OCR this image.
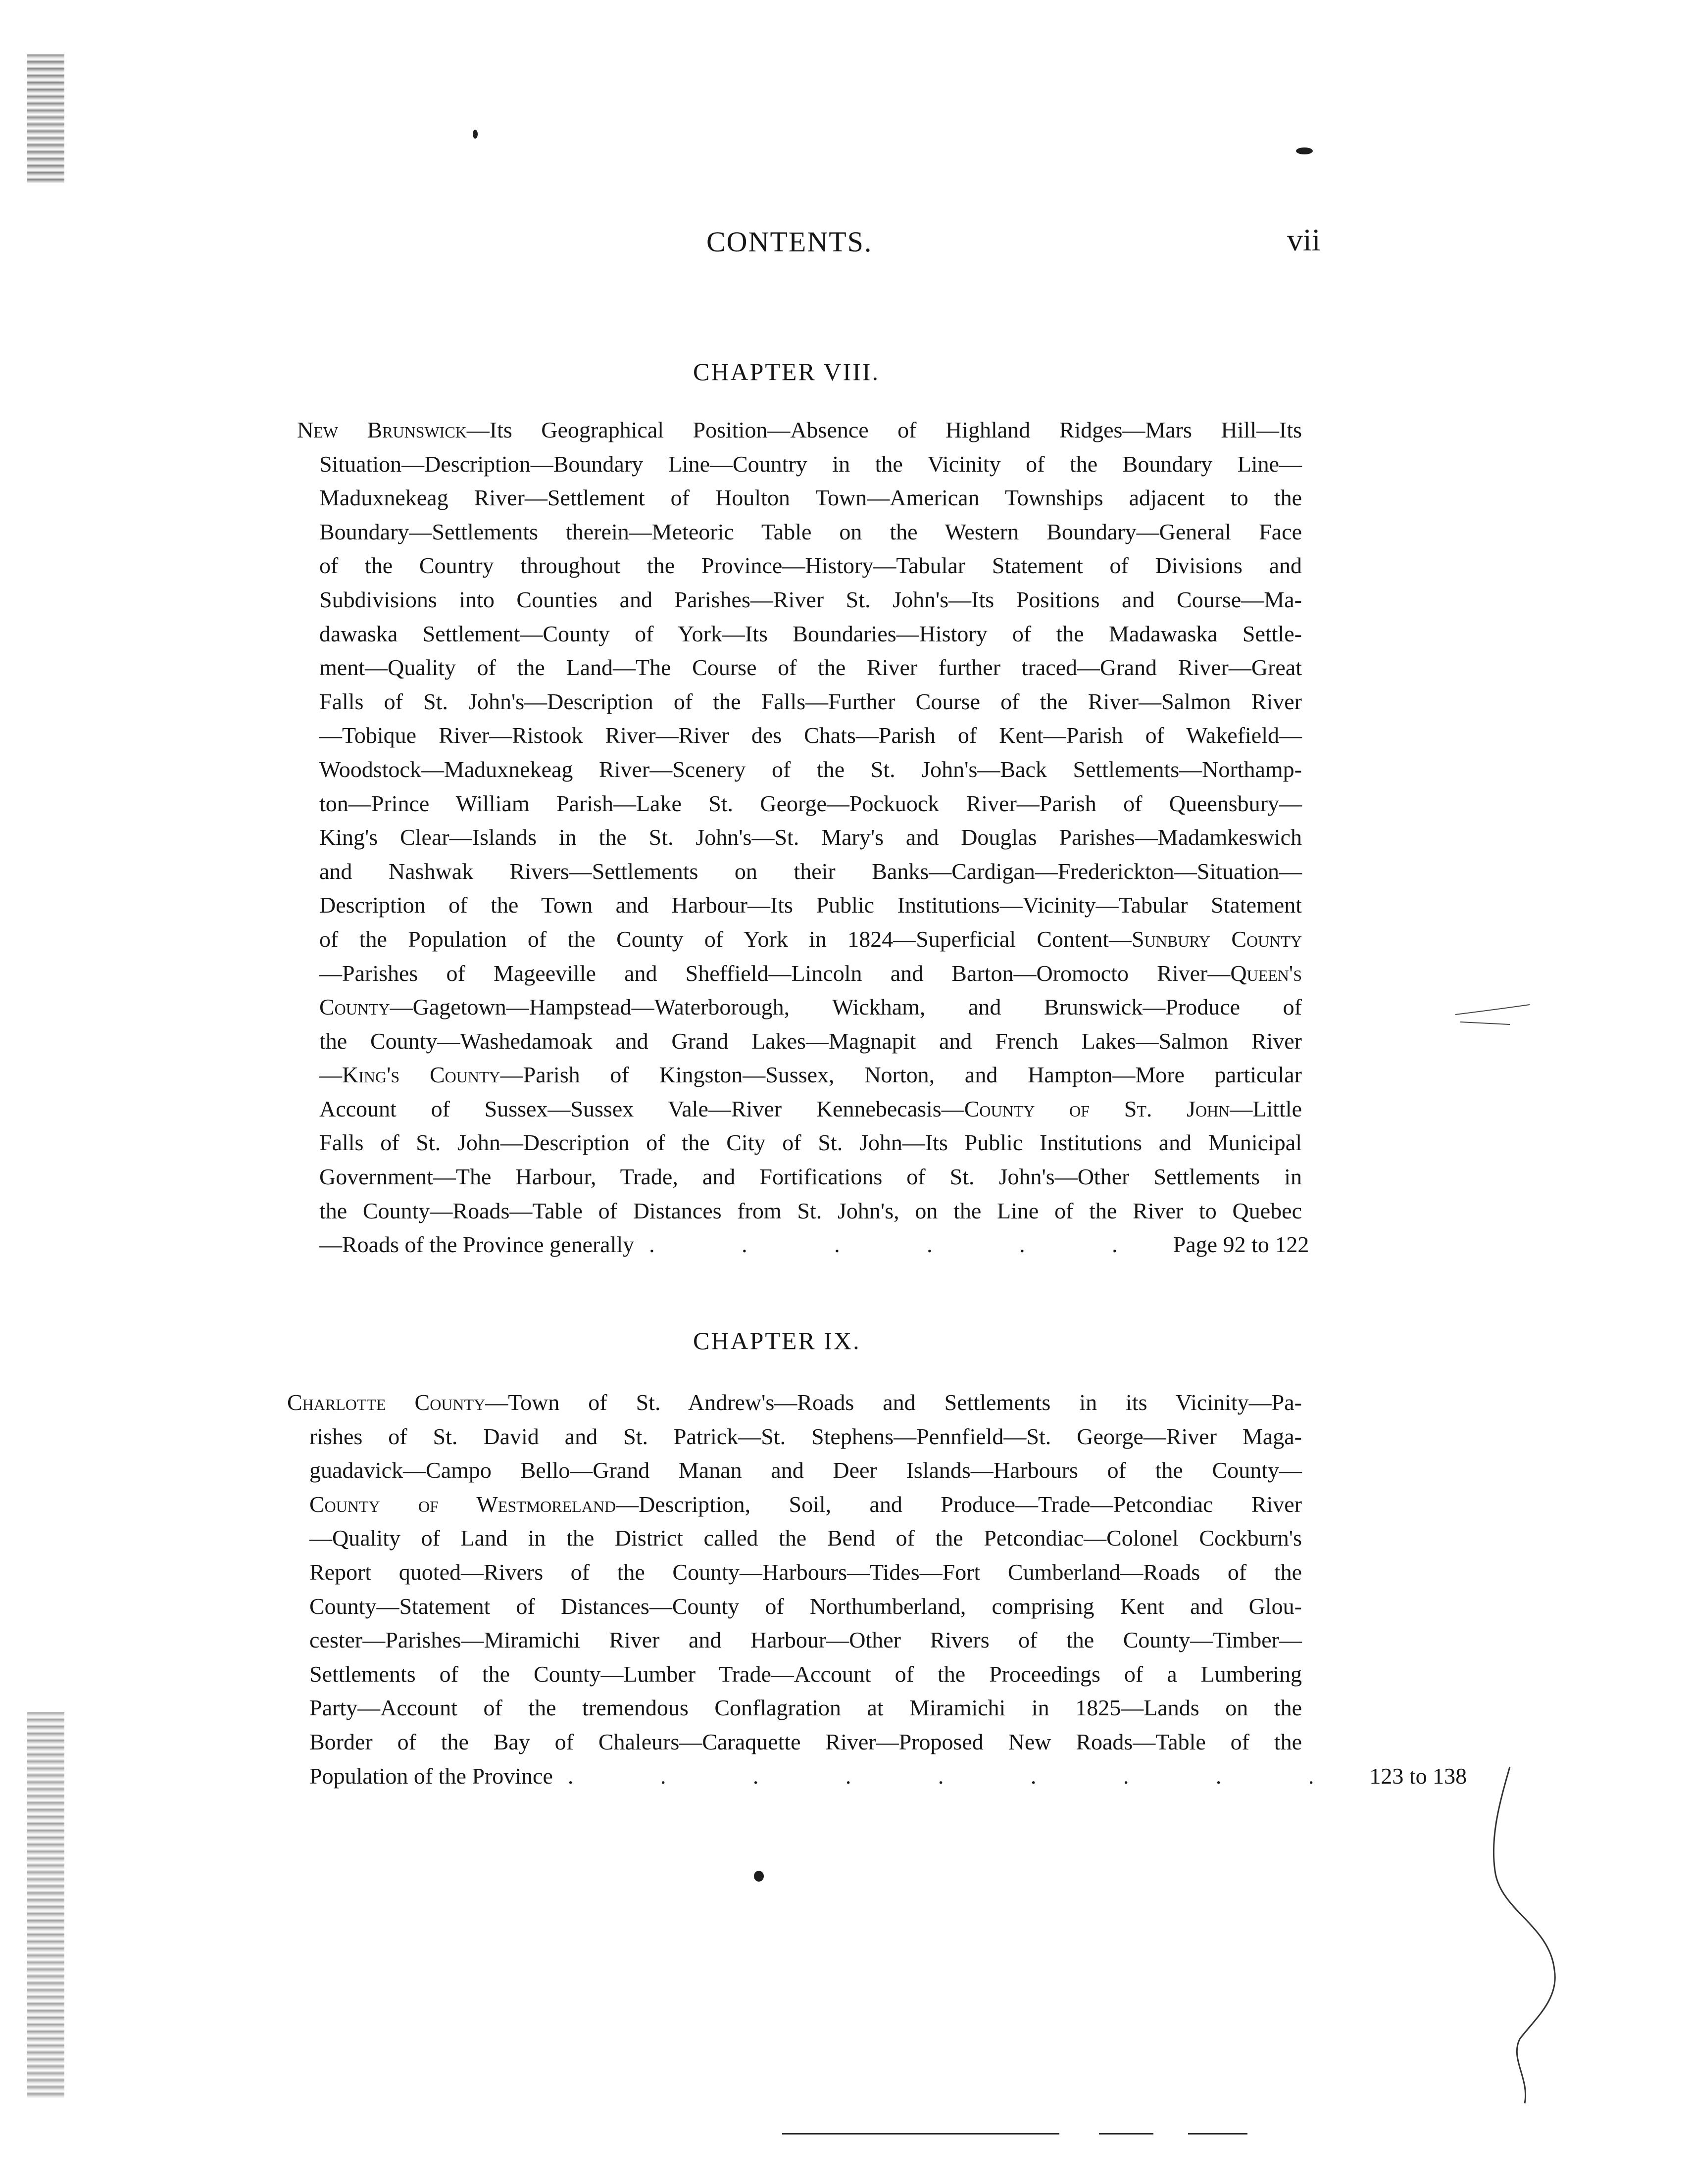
CONTENTS.	vii
CHAPTER VIII.
New Brunswick—Its Geographical Position—Absence of Highland Ridges—Mars Hill—Its
Situation—Description—Boundary Line—Country in the Vicinity of the Boundary Line—
Maduxnekeag River—Settlement of Houlton Town—American Townships adjacent to the
Boundary—Settlements therein—Meteoric Table on the Western Boundary—General Face
of the Country throughout the Province—History—Tabular Statement of Divisions and
Subdivisions into Counties and Parishes—River St. John's—Its Positions and Course—Ma-
dawaska Settlement—County of York—Its Boundaries—History of the Madawaska Settle-
ment—Quality of the Land—The Course of the River further traced—Grand River—Great
Falls of St. John's—Description of the Falls—Further Course of the River—Salmon River
—Tobique River—Ristook River—River des Chats—Parish of Kent—Parish of Wakefield—
Woodstock—Maduxnekeag River—Scenery of the St. John's—Back Settlements—Northamp-
ton—Prince William Parish—Lake St. George—Pockuock River—Parish of Queensbury—
King's Clear—Islands in the St. John's—St. Mary's and Douglas Parishes—Madamkeswich
and Nashwak Rivers—Settlements on their Banks—Cardigan—Frederickton—Situation—
Description of the Town and Harbour—Its Public Institutions—Vicinity—Tabular Statement
of the Population of the County of York in 1824—Superficial Content—Sunbury County
—Parishes of Mageeville and Sheffield—Lincoln and Barton—Oromocto River—Queen's
County—Gagetown—Hampstead—Waterborough, Wickham, and Brunswick—Produce of
the County—Washedamoak and Grand Lakes—Magnapit and French Lakes—Salmon River
—King's County—Parish of Kingston—Sussex, Norton, and Hampton—More particular
Account of Sussex—Sussex Vale—River Kennebecasis—County of St. John—Little
Falls of St. John—Description of the City of St. John—Its Public Institutions and Municipal
Government—The Harbour, Trade, and Fortifications of St. John's—Other Settlements in
the County—Roads—Table of Distances from St. John's, on the Line of the River to Quebec
—Roads of the Province generally . . . . . . Page 92 to 122
CHAPTER IX.
Charlotte County—Town of St. Andrew's—Roads and Settlements in its Vicinity—Pa-
rishes of St. David and St. Patrick—St. Stephens—Pennfield—St. George—River Maga-
guadavick—Campo Bello—Grand Manan and Deer Islands—Harbours of the County—
County of Westmoreland—Description, Soil, and Produce—Trade—Petcondiac River
—Quality of Land in the District called the Bend of the Petcondiac—Colonel Cockburn's
Report quoted—Rivers of the County—Harbours—Tides—Fort Cumberland—Roads of the
County—Statement of Distances—County of Northumberland, comprising Kent and Glou-
cester—Parishes—Miramichi River and Harbour—Other Rivers of the County—Timber—
Settlements of the County—Lumber Trade—Account of the Proceedings of a Lumbering
Party—Account of the tremendous Conflagration at Miramichi in 1825—Lands on the
Border of the Bay of Chaleurs—Caraquette River—Proposed New Roads—Table of the
Population of the Province . . . . . . . . . 123 to 138
